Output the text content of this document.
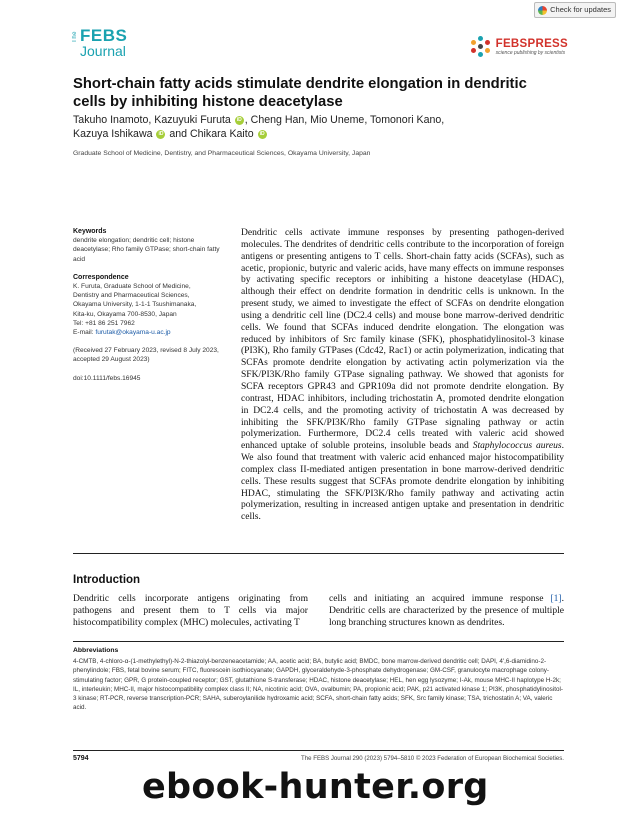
Check for updates
The FEBS
Journal	FEBSPRESS
science publishing by scientists
Short-chain fatty acids stimulate dendrite elongation in dendritic cells by inhibiting histone deacetylase
Takuho Inamoto, Kazuyuki Furuta iD , Cheng Han, Mio Uneme, Tomonori Kano,
Kazuya Ishikawa iD and Chikara Kaito iD
Graduate School of Medicine, Dentistry, and Pharmaceutical Sciences, Okayama University, Japan
Keywords
dendrite elongation; dendritic cell; histone deacetylase; Rho family GTPase; short-chain fatty acid
Correspondence
K. Furuta, Graduate School of Medicine,
Dentistry and Pharmaceutical Sciences,
Okayama University, 1-1-1 Tsushimanaka,
Kita-ku, Okayama 700-8530, Japan
Tel: +81 86 251 7962
E-mail: furutak@okayama-u.ac.jp
(Received 27 February 2023, revised 8 July 2023, accepted 29 August 2023)
doi:10.1111/febs.16945
Dendritic cells activate immune responses by presenting pathogen-derived molecules. The dendrites of dendritic cells contribute to the incorporation of foreign antigens or presenting antigens to T cells. Short-chain fatty acids (SCFAs), such as acetic, propionic, butyric and valeric acids, have many effects on immune responses by activating specific receptors or inhibiting a histone deacetylase (HDAC), although their effect on dendrite formation in dendritic cells is unknown. In the present study, we aimed to investigate the effect of SCFAs on dendrite elongation using a dendritic cell line (DC2.4 cells) and mouse bone marrow-derived dendritic cells. We found that SCFAs induced dendrite elongation. The elongation was reduced by inhibitors of Src family kinase (SFK), phosphatidylinositol-3 kinase (PI3K), Rho family GTPases (Cdc42, Rac1) or actin polymerization, indicating that SCFAs promote dendrite elongation by activating actin polymerization via the SFK/PI3K/Rho family GTPase signaling pathway. We showed that agonists for SCFA receptors GPR43 and GPR109a did not promote dendrite elongation. By contrast, HDAC inhibitors, including trichostatin A, promoted dendrite elongation in DC2.4 cells, and the promoting activity of trichostatin A was decreased by inhibiting the SFK/PI3K/Rho family GTPase signaling pathway or actin polymerization. Furthermore, DC2.4 cells treated with valeric acid showed enhanced uptake of soluble proteins, insoluble beads and Staphylococcus aureus. We also found that treatment with valeric acid enhanced major histocompatibility complex class II-mediated antigen presentation in bone marrow-derived dendritic cells. These results suggest that SCFAs promote dendrite elongation by inhibiting HDAC, stimulating the SFK/PI3K/Rho family pathway and activating actin polymerization, resulting in increased antigen uptake and presentation in dendritic cells.
Introduction
Dendritic cells incorporate antigens originating from pathogens and present them to T cells via major histocompatibility complex (MHC) molecules, activating T
cells and initiating an acquired immune response [1]. Dendritic cells are characterized by the presence of multiple long branching structures known as dendrites.
Abbreviations
4-CMTB, 4-chloro-α-(1-methylethyl)-N-2-thiazolyl-benzeneacetamide; AA, acetic acid; BA, butylic acid; BMDC, bone marrow-derived dendritic cell; DAPI, 4',6-diamidino-2-phenylindole; FBS, fetal bovine serum; FITC, fluorescein isothiocyanate; GAPDH, glyceraldehyde-3-phosphate dehydrogenase; GM-CSF, granulocyte macrophage colony-stimulating factor; GPR, G protein-coupled receptor; GST, glutathione S-transferase; HDAC, histone deacetylase; HEL, hen egg lysozyme; I-Ak, mouse MHC-II haplotype H-2k; IL, interleukin; MHC-II, major histocompatibility complex class II; NA, nicotinic acid; OVA, ovalbumin; PA, propionic acid; PAK, p21 activated kinase 1; PI3K, phosphatidylinositol-3 kinase; RT-PCR, reverse transcription-PCR; SAHA, suberoylanilide hydroxamic acid; SCFA, short-chain fatty acids; SFK, Src family kinase; TSA, trichostatin A; VA, valeric acid.
5794	The FEBS Journal 290 (2023) 5794–5810 © 2023 Federation of European Biochemical Societies.
ebook-hunter.org
